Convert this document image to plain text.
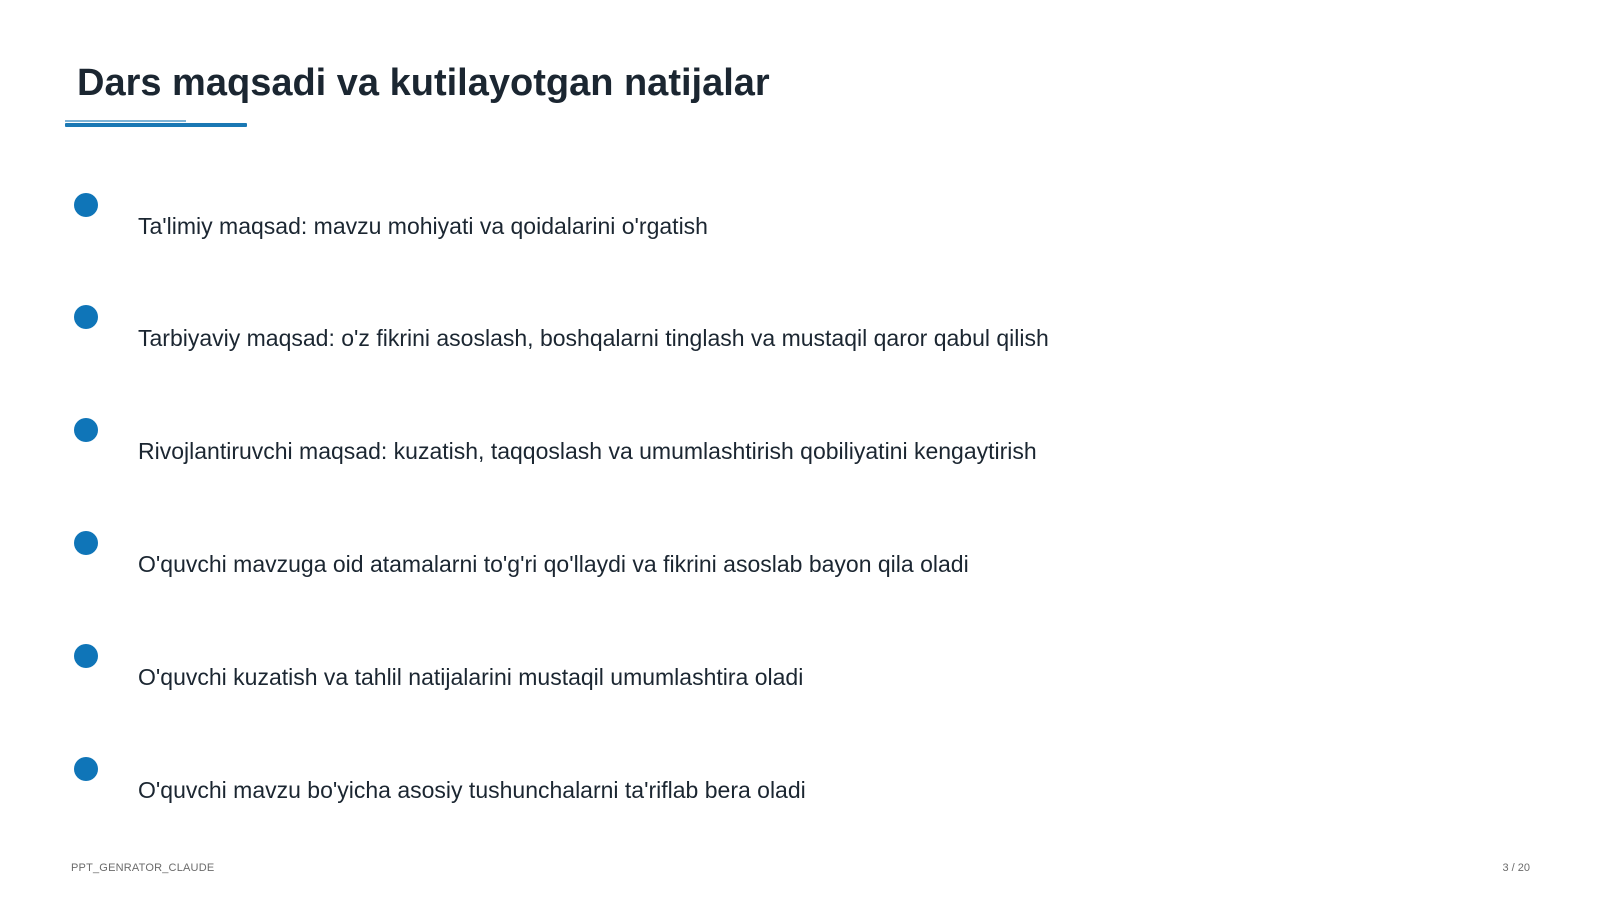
Dars maqsadi va kutilayotgan natijalar
Ta'limiy maqsad: mavzu mohiyati va qoidalarini o'rgatish
Tarbiyaviy maqsad: o'z fikrini asoslash, boshqalarni tinglash va mustaqil qaror qabul qilish
Rivojlantiruvchi maqsad: kuzatish, taqqoslash va umumlashtirish qobiliyatini kengaytirish
O'quvchi mavzuga oid atamalarni to'g'ri qo'llaydi va fikrini asoslab bayon qila oladi
O'quvchi kuzatish va tahlil natijalarini mustaqil umumlashtira oladi
O'quvchi mavzu bo'yicha asosiy tushunchalarni ta'riflab bera oladi
PPT_GENRATOR_CLAUDE	3 / 20
